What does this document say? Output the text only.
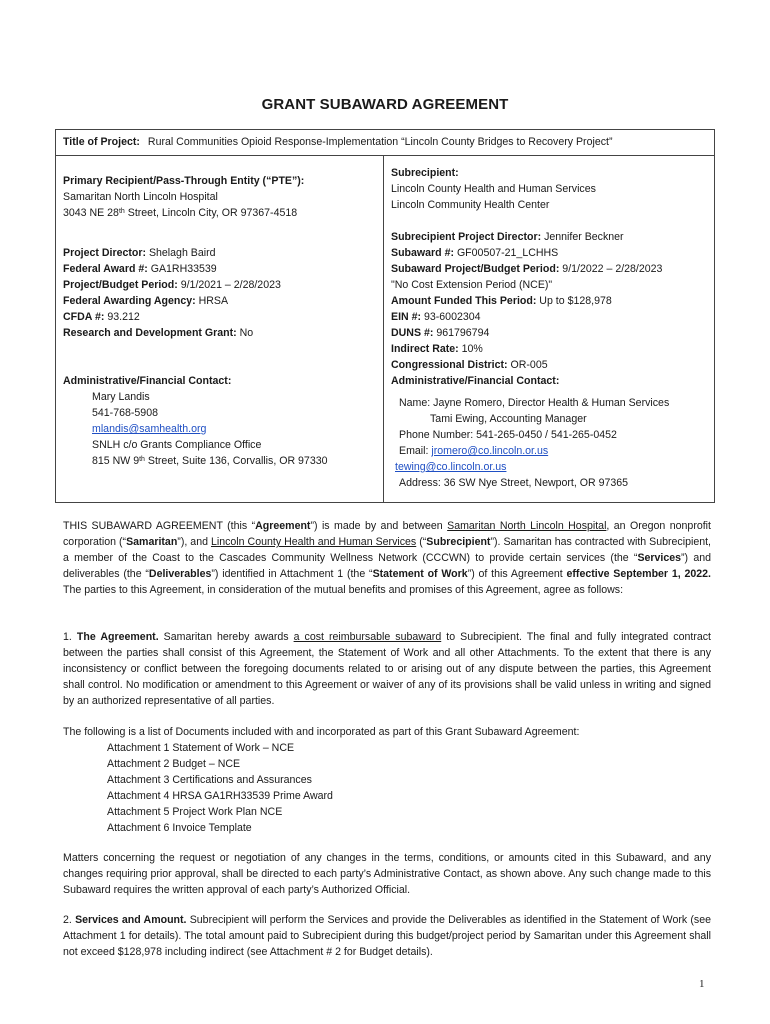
GRANT SUBAWARD AGREEMENT
Title of Project: Rural Communities Opioid Response-Implementation “Lincoln County Bridges to Recovery Project”
Primary Recipient/Pass-Through Entity (“PTE”):
Samaritan North Lincoln Hospital
3043 NE 28th Street, Lincoln City, OR 97367-4518
Project Director: Shelagh Baird
Federal Award #: GA1RH33539
Project/Budget Period: 9/1/2021 – 2/28/2023
Federal Awarding Agency: HRSA
CFDA #: 93.212
Research and Development Grant: No
Administrative/Financial Contact:
Mary Landis
541-768-5908
mlandis@samhealth.org
SNLH c/o Grants Compliance Office
815 NW 9th Street, Suite 136, Corvallis, OR 97330
Subrecipient:
Lincoln County Health and Human Services
Lincoln Community Health Center
Subrecipient Project Director: Jennifer Beckner
Subaward #: GF00507-21_LCHHS
Subaward Project/Budget Period: 9/1/2022 – 2/28/2023
"No Cost Extension Period (NCE)"
Amount Funded This Period: Up to $128,978
EIN #: 93-6002304
DUNS #: 961796794
Indirect Rate: 10%
Congressional District: OR-005
Administrative/Financial Contact:
Name: Jayne Romero, Director Health & Human Services
Tami Ewing, Accounting Manager
Phone Number: 541-265-0450 / 541-265-0452
Email: jromero@co.lincoln.or.us
tewing@co.lincoln.or.us
Address: 36 SW Nye Street, Newport, OR 97365

THIS SUBAWARD AGREEMENT (this “Agreement”) is made by and between Samaritan North Lincoln Hospital, an Oregon nonprofit corporation (“Samaritan”), and Lincoln County Health and Human Services (“Subrecipient”). Samaritan has contracted with Subrecipient, a member of the Coast to the Cascades Community Wellness Network (CCCWN) to provide certain services (the “Services”) and deliverables (the “Deliverables”) identified in Attachment 1 (the “Statement of Work”) of this Agreement effective September 1, 2022. The parties to this Agreement, in consideration of the mutual benefits and promises of this Agreement, agree as follows:

1. The Agreement. Samaritan hereby awards a cost reimbursable subaward to Subrecipient. The final and fully integrated contract between the parties shall consist of this Agreement, the Statement of Work and all other Attachments. To the extent that there is any inconsistency or conflict between the foregoing documents related to or arising out of any dispute between the parties, this Agreement shall control. No modification or amendment to this Agreement or waiver of any of its provisions shall be valid unless in writing and signed by an authorized representative of all parties.

The following is a list of Documents included with and incorporated as part of this Grant Subaward Agreement:

Attachment 1 Statement of Work – NCE
Attachment 2 Budget – NCE
Attachment 3 Certifications and Assurances
Attachment 4 HRSA GA1RH33539 Prime Award
Attachment 5 Project Work Plan NCE
Attachment 6 Invoice Template

Matters concerning the request or negotiation of any changes in the terms, conditions, or amounts cited in this Subaward, and any changes requiring prior approval, shall be directed to each party’s Administrative Contact, as shown above. Any such change made to this Subaward requires the written approval of each party’s Authorized Official.

2. Services and Amount. Subrecipient will perform the Services and provide the Deliverables as identified in the Statement of Work (see Attachment 1 for details). The total amount paid to Subrecipient during this budget/project period by Samaritan under this Agreement shall not exceed $128,978 including indirect (see Attachment # 2 for Budget details).

1
